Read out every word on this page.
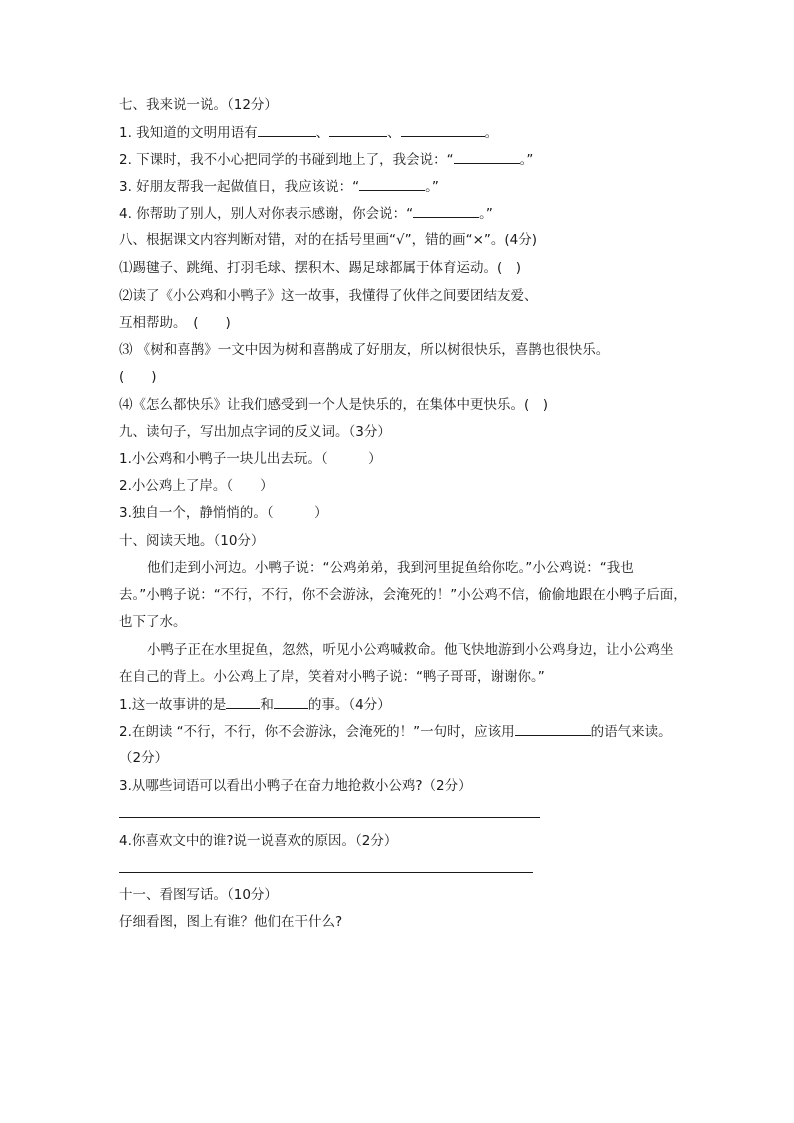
七、我来说一说。（12分）
1. 我知道的文明用语有	、	、	。
2. 下课时，我不小心把同学的书碰到地上了，我会说：“	。”
3. 好朋友帮我一起做值日，我应该说：“	。”
4. 你帮助了别人，别人对你表示感谢，你会说：“	。”
八、根据课文内容判断对错，对的在括号里画“√”，错的画“×”。(4分)
⑴踢毽子、跳绳、打羽毛球、摆积木、踢足球都属于体育运动。(　)
⑵读了《小公鸡和小鸭子》这一故事，我懂得了伙伴之间要团结友爱、
互相帮助。　(　　)
⑶ 《树和喜鹊》一文中因为树和喜鹊成了好朋友，所以树很快乐，喜鹊也很快乐。
(　　)
⑷《怎么都快乐》让我们感受到一个人是快乐的，在集体中更快乐。(　)
九、读句子，写出加点字词的反义词。（3分）
1.小公鸡和小鸭子一块儿出去玩。（　　　）
2.小公鸡上了岸。（　　）
3.独自一个，静悄悄的。（　　　）
十、阅读天地。（10分）
他们走到小河边。小鸭子说：“公鸡弟弟，我到河里捉鱼给你吃。”小公鸡说：“我也
去。”小鸭子说：“不行，不行，你不会游泳，会淹死的！”小公鸡不信，偷偷地跟在小鸭子后面，
也下了水。
小鸭子正在水里捉鱼，忽然，听见小公鸡喊救命。他飞快地游到小公鸡身边，让小公鸡坐
在自己的背上。小公鸡上了岸，笑着对小鸭子说：“鸭子哥哥，谢谢你。”
1.这一故事讲的是	和	的事。（4分）
2.在朗读 “不行，不行，你不会游泳，会淹死的！”一句时，应该用	的语气来读。
（2分）
3.从哪些词语可以看出小鸭子在奋力地抢救小公鸡?（2分）
4.你喜欢文中的谁?说一说喜欢的原因。（2分）
十一、看图写话。（10分）
仔细看图，图上有谁？他们在干什么?
